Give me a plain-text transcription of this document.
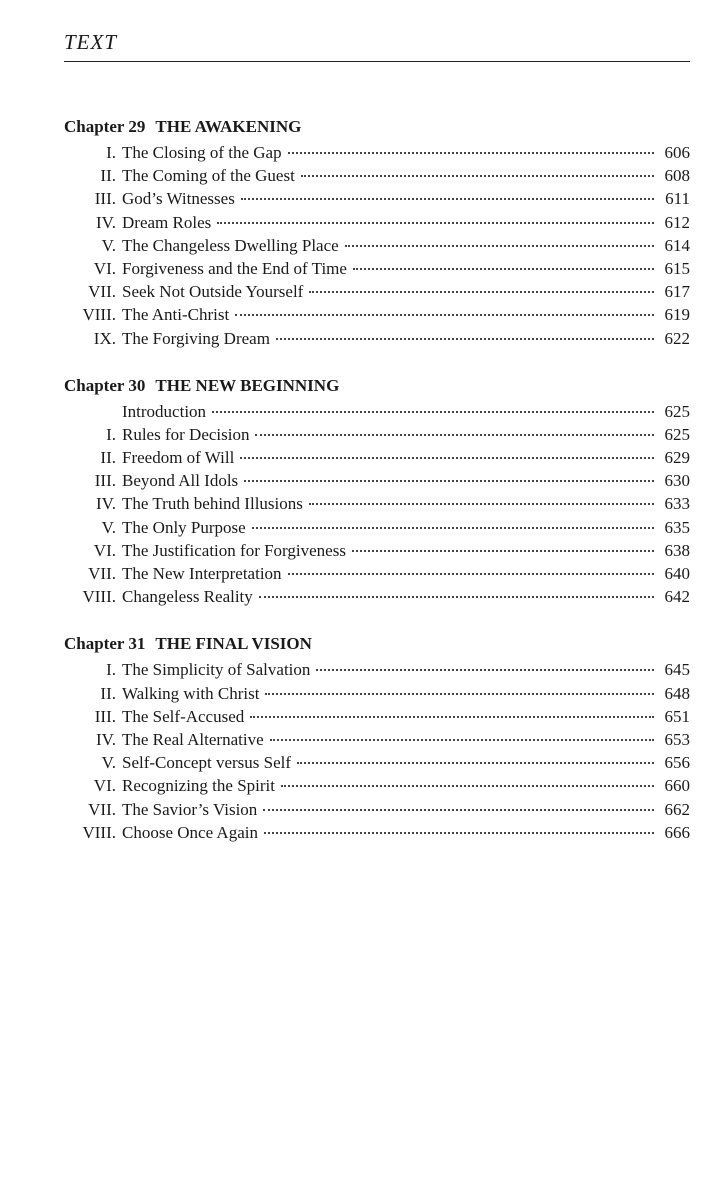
TEXT
Chapter 29 THE AWAKENING
I. The Closing of the Gap	606
II. The Coming of the Guest	608
III. God’s Witnesses	611
IV. Dream Roles	612
V. The Changeless Dwelling Place	614
VI. Forgiveness and the End of Time	615
VII. Seek Not Outside Yourself	617
VIII. The Anti-Christ	619
IX. The Forgiving Dream	622
Chapter 30 THE NEW BEGINNING
Introduction	625
I. Rules for Decision	625
II. Freedom of Will	629
III. Beyond All Idols	630
IV. The Truth behind Illusions	633
V. The Only Purpose	635
VI. The Justification for Forgiveness	638
VII. The New Interpretation	640
VIII. Changeless Reality	642
Chapter 31 THE FINAL VISION
I. The Simplicity of Salvation	645
II. Walking with Christ	648
III. The Self-Accused	651
IV. The Real Alternative	653
V. Self-Concept versus Self	656
VI. Recognizing the Spirit	660
VII. The Savior’s Vision	662
VIII. Choose Once Again	666
